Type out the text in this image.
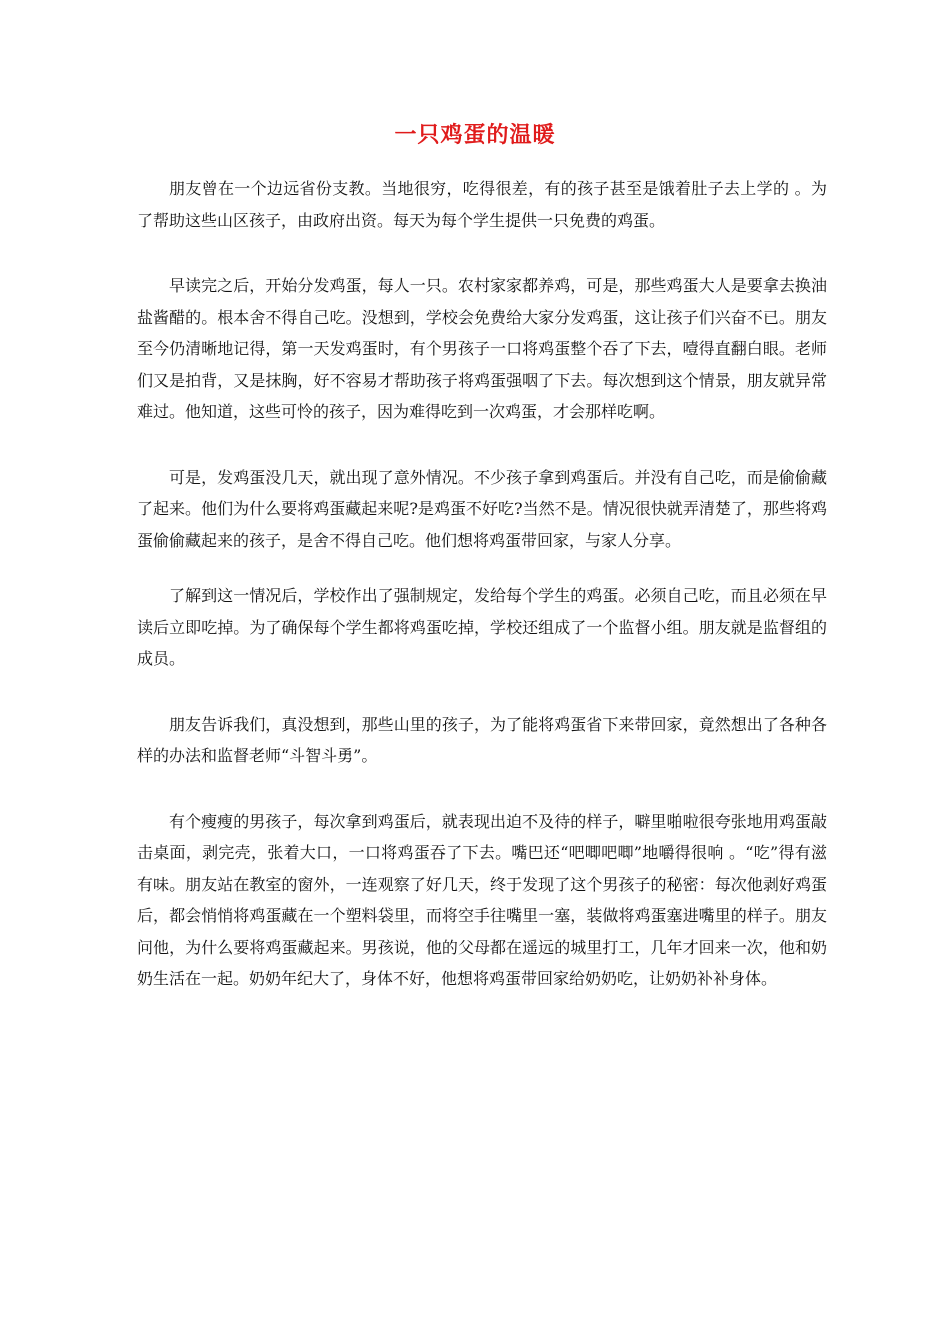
一只鸡蛋的温暖

朋友曾在一个边远省份支教。当地很穷，吃得很差，有的孩子甚至是饿着肚子去上学的 。为了帮助这些山区孩子，由政府出资。每天为每个学生提供一只免费的鸡蛋。

早读完之后，开始分发鸡蛋，每人一只。农村家家都养鸡，可是，那些鸡蛋大人是要拿去换油盐酱醋的。根本舍不得自己吃。没想到，学校会免费给大家分发鸡蛋，这让孩子们兴奋不已。朋友至今仍清晰地记得，第一天发鸡蛋时，有个男孩子一口将鸡蛋整个吞了下去，噎得直翻白眼。老师们又是拍背，又是抹胸，好不容易才帮助孩子将鸡蛋强咽了下去。每次想到这个情景，朋友就异常难过。他知道，这些可怜的孩子，因为难得吃到一次鸡蛋，才会那样吃啊。

可是，发鸡蛋没几天，就出现了意外情况。不少孩子拿到鸡蛋后。并没有自己吃，而是偷偷藏了起来。他们为什么要将鸡蛋藏起来呢?是鸡蛋不好吃?当然不是。情况很快就弄清楚了，那些将鸡蛋偷偷藏起来的孩子，是舍不得自己吃。他们想将鸡蛋带回家，与家人分享。

了解到这一情况后，学校作出了强制规定，发给每个学生的鸡蛋。必须自己吃，而且必须在早读后立即吃掉。为了确保每个学生都将鸡蛋吃掉，学校还组成了一个监督小组。朋友就是监督组的成员。

朋友告诉我们，真没想到，那些山里的孩子，为了能将鸡蛋省下来带回家，竟然想出了各种各样的办法和监督老师“斗智斗勇”。

有个瘦瘦的男孩子，每次拿到鸡蛋后，就表现出迫不及待的样子，噼里啪啦很夸张地用鸡蛋敲击桌面，剥完壳，张着大口，一口将鸡蛋吞了下去。嘴巴还“吧唧吧唧”地嚼得很响 。“吃”得有滋有味。朋友站在教室的窗外，一连观察了好几天，终于发现了这个男孩子的秘密：每次他剥好鸡蛋后，都会悄悄将鸡蛋藏在一个塑料袋里，而将空手往嘴里一塞，装做将鸡蛋塞进嘴里的样子。朋友问他，为什么要将鸡蛋藏起来。男孩说，他的父母都在遥远的城里打工，几年才回来一次，他和奶奶生活在一起。奶奶年纪大了，身体不好，他想将鸡蛋带回家给奶奶吃，让奶奶补补身体。
